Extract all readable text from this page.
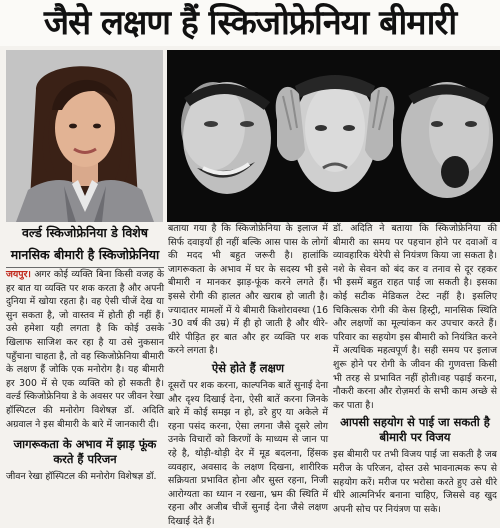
जैसे लक्षण हैं स्किजोफ्रेनिया बीमारी
वर्ल्ड स्किजोफ्रेनिया डे विशेष
मानसिक बीमारी है स्किजोफ्रेनिया

जयपुर। अगर कोई व्यक्ति बिना किसी वजह के हर बात या व्यक्ति पर शक करता है और अपनी दुनिया में खोया रहता है। वह ऐसी चीजें देख या सुन सकता है, जो वास्तव में होती ही नहीं हैं। उसे हमेशा यही लगता है कि कोई उसके खिलाफ साजिश कर रहा है या उसे नुकसान पहुँचाना चाहता है, तो वह स्किजोफ्रेनिया बीमारी के लक्षण हैं जोकि एक मनोरोग है। यह बीमारी हर 300 में से एक व्यक्ति को हो सकती है। वर्ल्ड स्किजोफ्रेनिया डे के अवसर पर जीवन रेखा हॉस्पिटल की मनोरोग विशेषज्ञ डॉ. अदिति अग्रवाल ने इस बीमारी के बारे में जानकारी दी।

जागरूकता के अभाव में झाड़ फूंक करते हैं परिजन

जीवन रेखा हॉस्पिटल की मनोरोग विशेषज्ञ डॉ.

बताया गया है कि स्किजोफ्रेनिया के इलाज में सिर्फ दवाइयाँ ही नहीं बल्कि आस पास के लोगों की मदद भी बहुत जरूरी है। हालांकि जागरूकता के अभाव में घर के सदस्य भी इसे बीमारी न मानकर झाड़-फूंक करने लगते हैं। इससे रोगी की हालत और खराब हो जाती है। ज्यादातर मामलों में ये बीमारी किशोरावस्था (16 -30 वर्ष की उम्र) में ही हो जाती है और धीरे-धीरे पीड़ित हर बात और हर व्यक्ति पर शक करने लगता है।

ऐसे होते हैं लक्षण

दूसरों पर शक करना, काल्पनिक बातें सुनाई देना और दृश्य दिखाई देना, ऐसी बातें करना जिनके बारे में कोई समझ न हो, डरे हुए या अकेले में रहना पसंद करना, ऐसा लगना जैसे दूसरे लोग उनके विचारों को किरणों के माध्यम से जान पा रहे है, थोड़ी-थोड़ी देर में मूड बदलना, हिंसक व्यवहार, अवसाद के लक्षण दिखना, शारीरिक सक्रियता प्रभावित होना और सुस्त रहना, निजी आरोग्यता का ध्यान न रखना, भ्रम की स्थिति में रहना और अजीब चीजें सुनाई देना जैसे लक्षण दिखाई देते हैं।

डॉ. अदिति ने बताया कि स्किजोफ्रेनिया की बीमारी का समय पर पहचान होने पर दवाओं व व्यावहारिक थेरेपी से नियंत्रण किया जा सकता है। नशे के सेवन को बंद कर व तनाव से दूर रहकर भी इसमें बहुत राहत पाई जा सकती है। इसका कोई सटीक मेडिकल टेस्ट नहीं है। इसलिए चिकित्सक रोगी की केस हिस्ट्री, मानसिक स्थिति और लक्षणों का मूल्यांकन कर उपचार करते हैं। परिवार का सहयोग इस बीमारी को नियंत्रित करने में अत्यधिक महत्वपूर्ण है। सही समय पर इलाज शुरू होने पर रोगी के जीवन की गुणवत्ता किसी भी तरह से प्रभावित नहीं होती।वह पढ़ाई करना, नौकरी करना और रोज़मर्रा के सभी काम अच्छे से कर पाता है।

आपसी सहयोग से पाई जा सकती है बीमारी पर विजय

इस बीमारी पर तभी विजय पाई जा सकती है जब मरीज के परिजन, दोस्त उसे भावनात्मक रूप से सहयोग करें। मरीज पर भरोसा करते हुए उसे धीरे धीरे आत्मनिर्भर बनाना चाहिए, जिससे वह खुद अपनी सोच पर नियंत्रण पा सके।
